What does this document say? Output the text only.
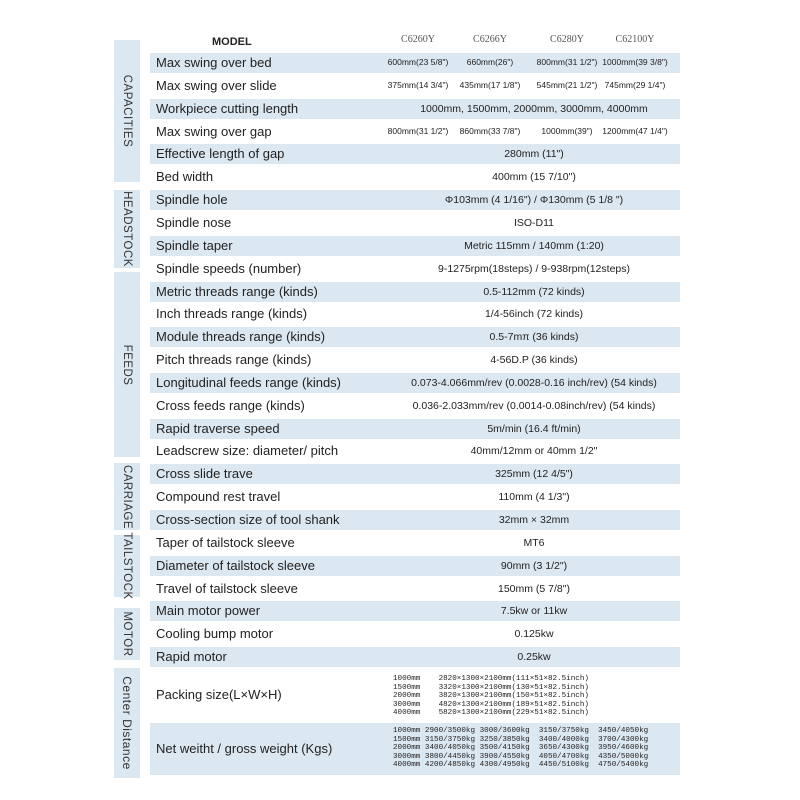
MODEL	C6260Y	C6266Y	C6280Y	C62100Y
CAPACITIES
HEADSTOCK
FEEDS
CARRIAGE
TAILSTOCK
MOTOR
Center Distance
Max swing over bed	600mm(23 5/8")	660mm(26")	800mm(31 1/2") 1000mm(39 3/8")
Max swing over slide	375mm(14 3/4")	435mm(17 1/8")	545mm(21 1/2") 745mm(29 1/4")
Workpiece cutting length	1000mm, 1500mm, 2000mm, 3000mm, 4000mm
Max swing over gap	800mm(31 1/2")	860mm(33 7/8")	1000mm(39")	1200mm(47 1/4")
Effective length of gap	280mm (11")
Bed width	400mm (15 7/10")
Spindle hole	Φ103mm (4 1/16") / Φ130mm (5 1/8 ")
Spindle nose	ISO-D11
Spindle taper	Metric 115mm / 140mm (1:20)
Spindle speeds (number)	9-1275rpm(18steps) / 9-938rpm(12steps)
Metric threads range (kinds)	0.5-112mm (72 kinds)
Inch threads range (kinds)	1/4-56inch (72 kinds)
Module threads range (kinds)	0.5-7mπ (36 kinds)
Pitch threads range (kinds)	4-56D.P (36 kinds)
Longitudinal feeds range (kinds)	0.073-4.066mm/rev (0.0028-0.16 inch/rev) (54 kinds)
Cross feeds range (kinds)	0.036-2.033mm/rev (0.0014-0.08inch/rev) (54 kinds)
Rapid traverse speed	5m/min (16.4 ft/min)
Leadscrew size: diameter/ pitch	40mm/12mm or 40mm 1/2"
Cross slide trave	325mm (12 4/5")
Compound rest travel	110mm (4 1/3")
Cross-section size of tool shank	32mm × 32mm
Taper of tailstock sleeve	MT6
Diameter of tailstock sleeve	90mm (3 1/2")
Travel of tailstock sleeve	150mm (5 7/8")
Main motor power	7.5kw or 11kw
Cooling bump motor	0.125kw
Rapid motor	0.25kw
Packing size(L×W×H)
1000mm    2820×1300×2100mm(111×51×82.5inch)
1500mm    3320×1300×2100mm(130×51×82.5inch)
2000mm    3820×1300×2100mm(150×51×82.5inch)
3000mm    4820×1300×2100mm(189×51×82.5inch)
4000mm    5820×1300×2100mm(229×51×82.5inch)
Net weitht / gross weight (Kgs)
1000mm 2900/3500kg 3000/3600kg  3150/3750kg  3450/4050kg
1500mm 3150/3750kg 3250/3850kg  3400/4000kg  3700/4300kg
2000mm 3400/4050kg 3500/4150kg  3650/4300kg  3950/4600kg
3000mm 3800/4450kg 3900/4550kg  4050/4700kg  4350/5000kg
4000mm 4200/4850kg 4300/4950kg  4450/5100kg  4750/5400kg
